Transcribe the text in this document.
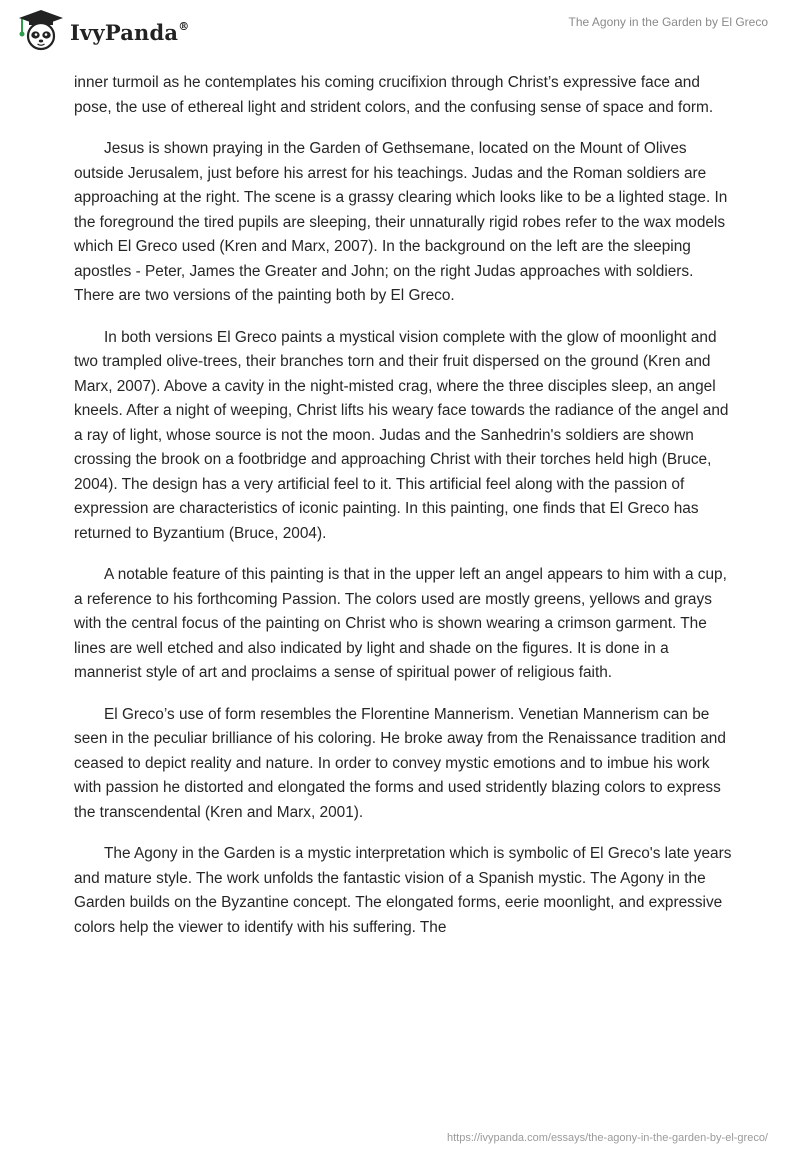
IvyPanda®	The Agony in the Garden by El Greco

inner turmoil as he contemplates his coming crucifixion through Christ’s expressive face and pose, the use of ethereal light and strident colors, and the confusing sense of space and form.

Jesus is shown praying in the Garden of Gethsemane, located on the Mount of Olives outside Jerusalem, just before his arrest for his teachings. Judas and the Roman soldiers are approaching at the right. The scene is a grassy clearing which looks like to be a lighted stage. In the foreground the tired pupils are sleeping, their unnaturally rigid robes refer to the wax models which El Greco used (Kren and Marx, 2007). In the background on the left are the sleeping apostles - Peter, James the Greater and John; on the right Judas approaches with soldiers. There are two versions of the painting both by El Greco.

In both versions El Greco paints a mystical vision complete with the glow of moonlight and two trampled olive-trees, their branches torn and their fruit dispersed on the ground (Kren and Marx, 2007). Above a cavity in the night-misted crag, where the three disciples sleep, an angel kneels. After a night of weeping, Christ lifts his weary face towards the radiance of the angel and a ray of light, whose source is not the moon. Judas and the Sanhedrin's soldiers are shown crossing the brook on a footbridge and approaching Christ with their torches held high (Bruce, 2004). The design has a very artificial feel to it. This artificial feel along with the passion of expression are characteristics of iconic painting. In this painting, one finds that El Greco has returned to Byzantium (Bruce, 2004).

A notable feature of this painting is that in the upper left an angel appears to him with a cup, a reference to his forthcoming Passion. The colors used are mostly greens, yellows and grays with the central focus of the painting on Christ who is shown wearing a crimson garment. The lines are well etched and also indicated by light and shade on the figures. It is done in a mannerist style of art and proclaims a sense of spiritual power of religious faith.

El Greco’s use of form resembles the Florentine Mannerism. Venetian Mannerism can be seen in the peculiar brilliance of his coloring. He broke away from the Renaissance tradition and ceased to depict reality and nature. In order to convey mystic emotions and to imbue his work with passion he distorted and elongated the forms and used stridently blazing colors to express the transcendental (Kren and Marx, 2001).

The Agony in the Garden is a mystic interpretation which is symbolic of El Greco's late years and mature style. The work unfolds the fantastic vision of a Spanish mystic. The Agony in the Garden builds on the Byzantine concept. The elongated forms, eerie moonlight, and expressive colors help the viewer to identify with his suffering. The

https://ivypanda.com/essays/the-agony-in-the-garden-by-el-greco/
